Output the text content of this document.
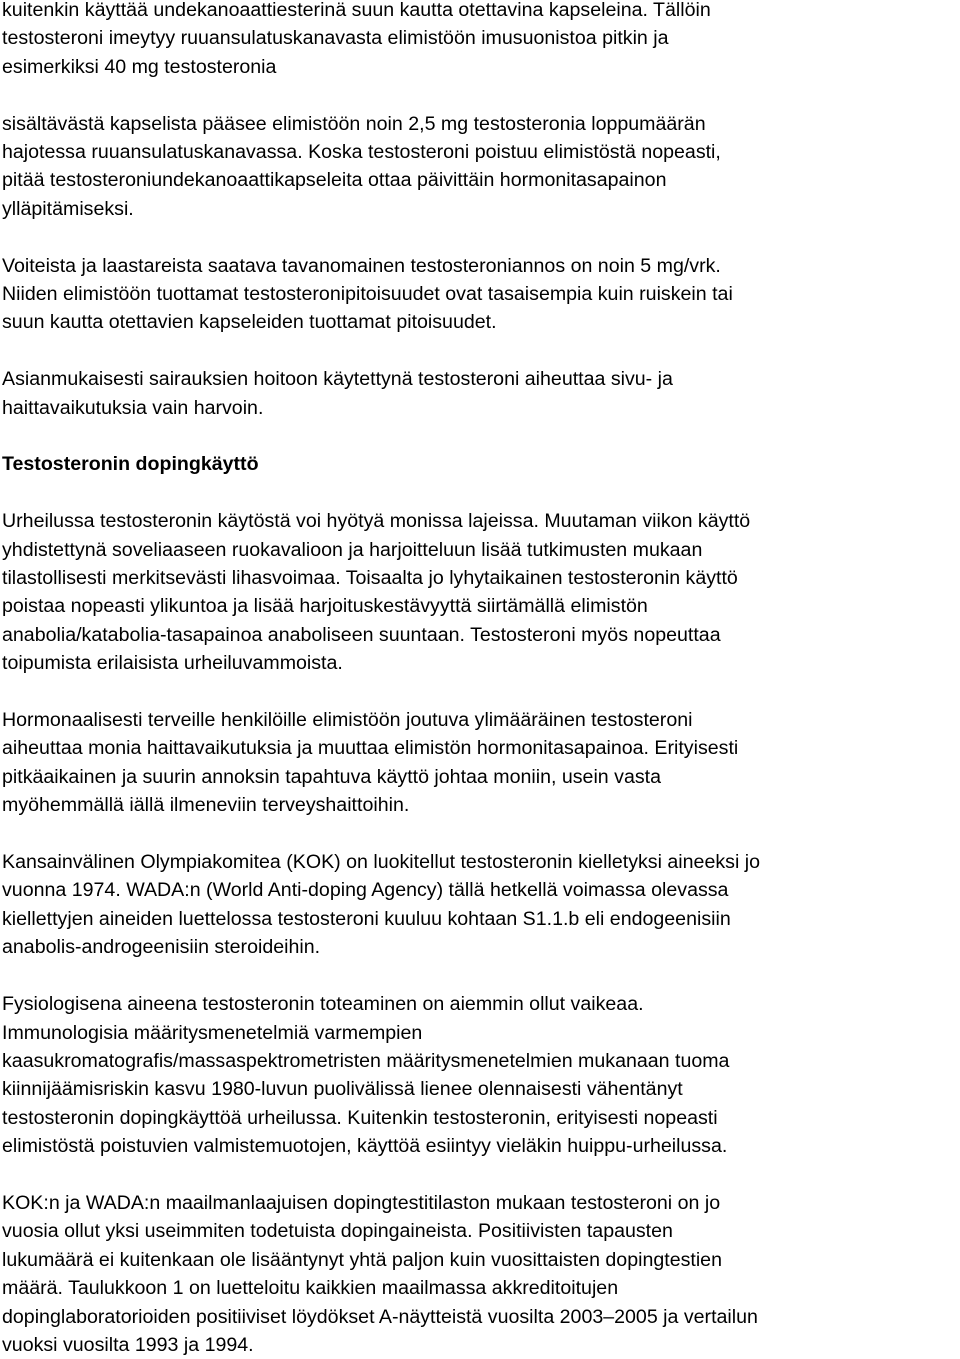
kuitenkin käyttää undekanoaattiesterinä suun kautta otettavina kapseleina. Tällöin
testosteroni imeytyy ruuansulatuskanavasta elimistöön imusuonistoa pitkin ja
esimerkiksi 40 mg testosteronia
sisältävästä kapselista pääsee elimistöön noin 2,5 mg testosteronia loppumäärän
hajotessa ruuansulatuskanavassa. Koska testosteroni poistuu elimistöstä nopeasti,
pitää testosteroniundekanoaattikapseleita ottaa päivittäin hormonitasapainon
ylläpitämiseksi.
Voiteista ja laastareista saatava tavanomainen testosteroniannos on noin 5 mg/vrk.
Niiden elimistöön tuottamat testosteronipitoisuudet ovat tasaisempia kuin ruiskein tai
suun kautta otettavien kapseleiden tuottamat pitoisuudet.
Asianmukaisesti sairauksien hoitoon käytettynä testosteroni aiheuttaa sivu- ja
haittavaikutuksia vain harvoin.
Testosteronin dopingkäyttö
Urheilussa testosteronin käytöstä voi hyötyä monissa lajeissa. Muutaman viikon käyttö
yhdistettynä soveliaaseen ruokavalioon ja harjoitteluun lisää tutkimusten mukaan
tilastollisesti merkitsevästi lihasvoimaa. Toisaalta jo lyhytaikainen testosteronin käyttö
poistaa nopeasti ylikuntoa ja lisää harjoituskestävyyttä siirtämällä elimistön
anabolia/katabolia-tasapainoa anaboliseen suuntaan. Testosteroni myös nopeuttaa
toipumista erilaisista urheiluvammoista.
Hormonaalisesti terveille henkilöille elimistöön joutuva ylimääräinen testosteroni
aiheuttaa monia haittavaikutuksia ja muuttaa elimistön hormonitasapainoa. Erityisesti
pitkäaikainen ja suurin annoksin tapahtuva käyttö johtaa moniin, usein vasta
myöhemmällä iällä ilmeneviin terveyshaittoihin.
Kansainvälinen Olympiakomitea (KOK) on luokitellut testosteronin kielletyksi aineeksi jo
vuonna 1974. WADA:n (World Anti-doping Agency) tällä hetkellä voimassa olevassa
kiellettyjen aineiden luettelossa testosteroni kuuluu kohtaan S1.1.b eli endogeenisiin
anabolis-androgeenisiin steroideihin.
Fysiologisena aineena testosteronin toteaminen on aiemmin ollut vaikeaa.
Immunologisia määritysmenetelmiä varmempien
kaasukromatografis/massaspektrometristen määritysmenetelmien mukanaan tuoma
kiinnijäämisriskin kasvu 1980-luvun puolivälissä lienee olennaisesti vähentänyt
testosteronin dopingkäyttöä urheilussa. Kuitenkin testosteronin, erityisesti nopeasti
elimistöstä poistuvien valmistemuotojen, käyttöä esiintyy vieläkin huippu-urheilussa.
KOK:n ja WADA:n maailmanlaajuisen dopingtestitilaston mukaan testosteroni on jo
vuosia ollut yksi useimmiten todetuista dopingaineista. Positiivisten tapausten
lukumäärä ei kuitenkaan ole lisääntynyt yhtä paljon kuin vuosittaisten dopingtestien
määrä. Taulukkoon 1 on luetteloitu kaikkien maailmassa akkreditoitujen
dopinglaboratorioiden positiiviset löydökset A-näytteistä vuosilta 2003–2005 ja vertailun
vuoksi vuosilta 1993 ja 1994.
